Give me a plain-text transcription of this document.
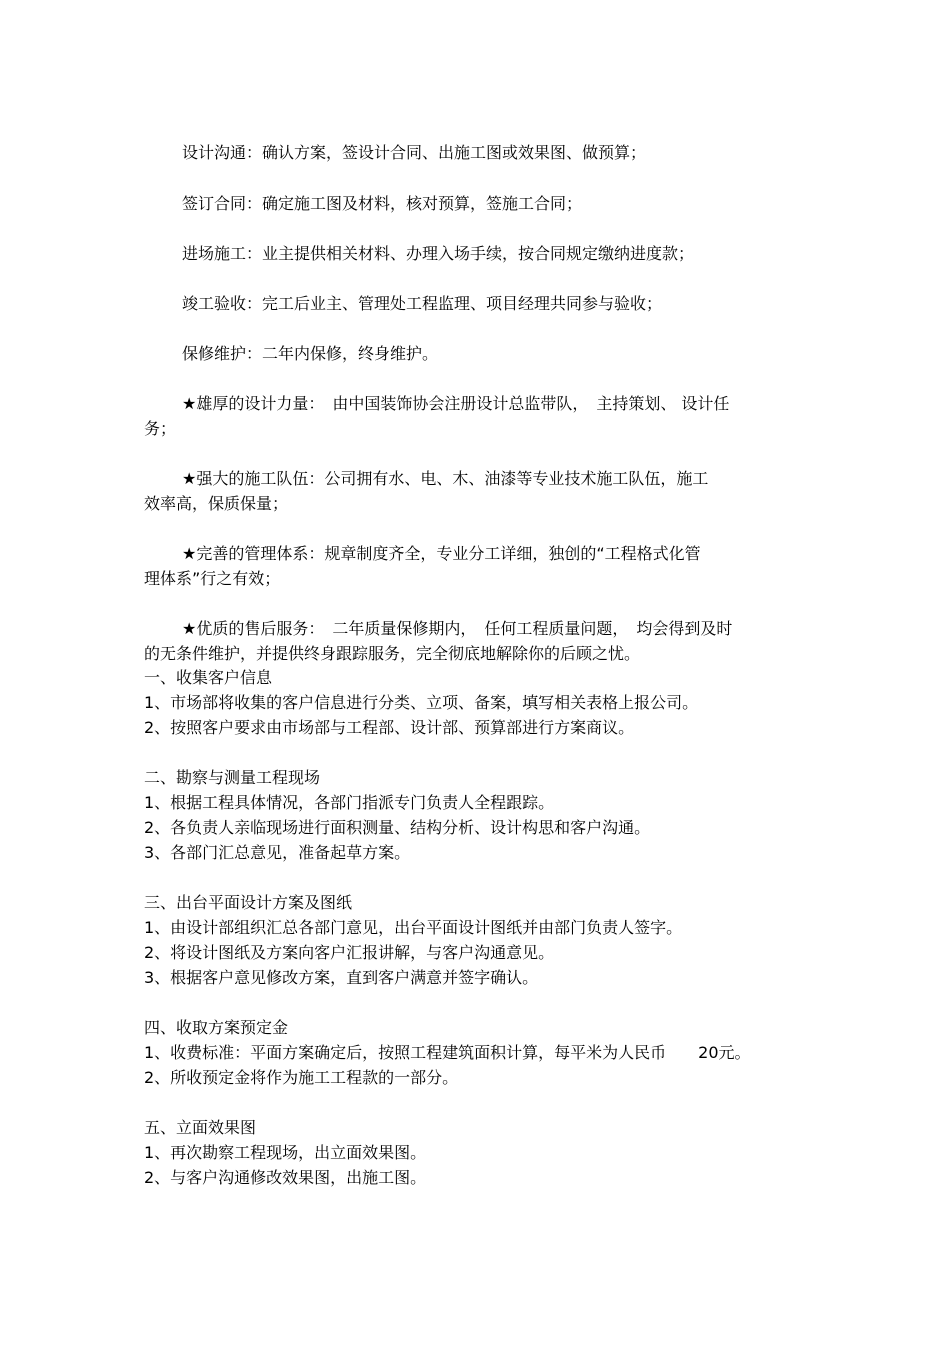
设计沟通：确认方案，签设计合同、出施工图或效果图、做预算；
签订合同：确定施工图及材料，核对预算，签施工合同；
进场施工：业主提供相关材料、办理入场手续，按合同规定缴纳进度款；
竣工验收：完工后业主、管理处工程监理、项目经理共同参与验收；
保修维护：二年内保修，终身维护。
★雄厚的设计力量：　由中国装饰协会注册设计总监带队，　主持策划、 设计任
务；
★强大的施工队伍：公司拥有水、电、木、油漆等专业技术施工队伍，施工
效率高，保质保量；
★完善的管理体系：规章制度齐全，专业分工详细，独创的“工程格式化管
理体系”行之有效；
★优质的售后服务：　二年质量保修期内，　任何工程质量问题，　均会得到及时
的无条件维护，并提供终身跟踪服务，完全彻底地解除你的后顾之忧。
一、收集客户信息
1、市场部将收集的客户信息进行分类、立项、备案，填写相关表格上报公司。
2、按照客户要求由市场部与工程部、设计部、预算部进行方案商议。
二、勘察与测量工程现场
1、根据工程具体情况，各部门指派专门负责人全程跟踪。
2、各负责人亲临现场进行面积测量、结构分析、设计构思和客户沟通。
3、各部门汇总意见，准备起草方案。
三、出台平面设计方案及图纸
1、由设计部组织汇总各部门意见，出台平面设计图纸并由部门负责人签字。
2、将设计图纸及方案向客户汇报讲解，与客户沟通意见。
3、根据客户意见修改方案，直到客户满意并签字确认。
四、收取方案预定金
1、收费标准：平面方案确定后，按照工程建筑面积计算，每平米为人民币　　20元。
2、所收预定金将作为施工工程款的一部分。
五、立面效果图
1、再次勘察工程现场，出立面效果图。
2、与客户沟通修改效果图，出施工图。
